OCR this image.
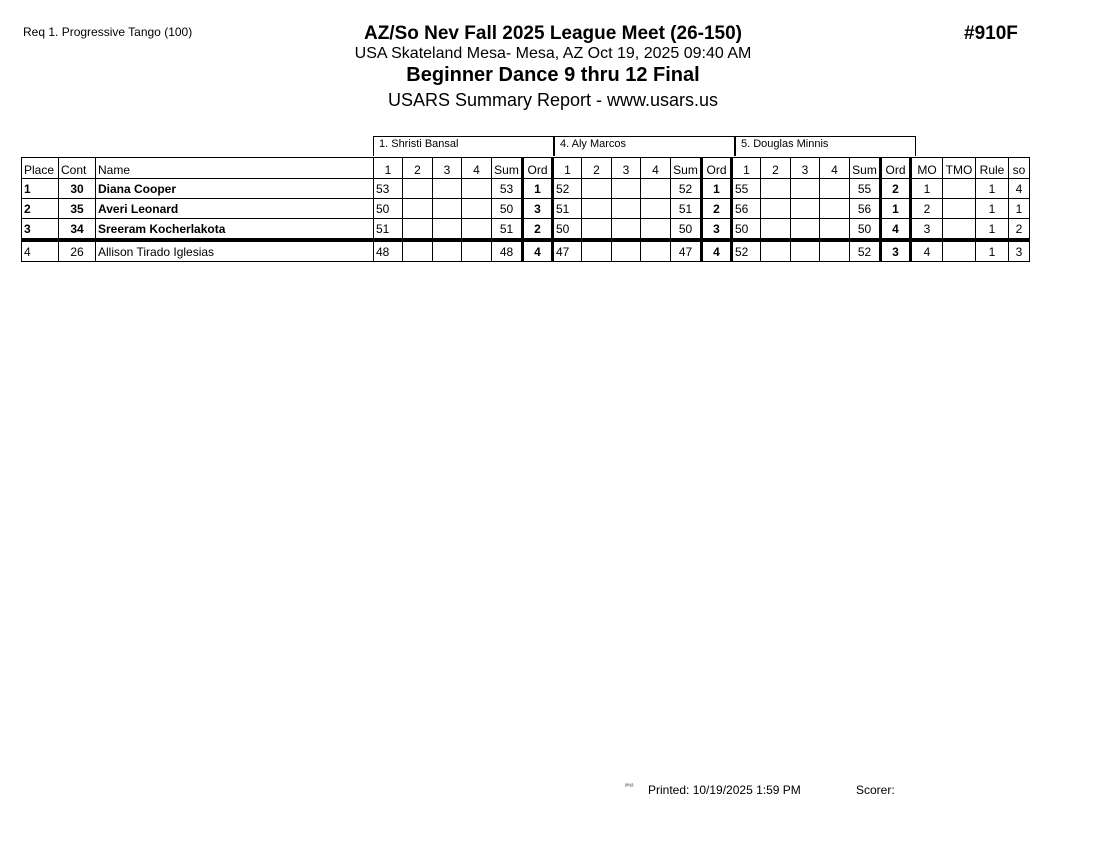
Req 1. Progressive Tango (100)	AZ/So Nev Fall 2025 League Meet (26-150)
USA Skateland Mesa- Mesa, AZ Oct 19, 2025 09:40 AM
Beginner Dance 9 thru 12 Final
USARS Summary Report - www.usars.us
#910F
1. Shristi Bansal	4. Aly Marcos	5. Douglas Minnis
Place	Cont	Name	1	2	3	4	Sum	Ord	1	2	3	4	Sum	Ord	1	2	3	4	Sum	Ord	MO	TMO	Rule	so
1	30	Diana Cooper	53				53	1	52				52	1	55				55	2	1		1	4
2	35	Averi Leonard	50				50	3	51				51	2	56				56	1	2		1	1
3	34	Sreeram Kocherlakota	51				51	2	50				50	3	50				50	4	3		1	2
4	26	Allison Tirado Iglesias	48				48	4	47				47	4	52				52	3	4		1	3
²⁰¹² Printed: 10/19/2025 1:59 PM	Scorer:
